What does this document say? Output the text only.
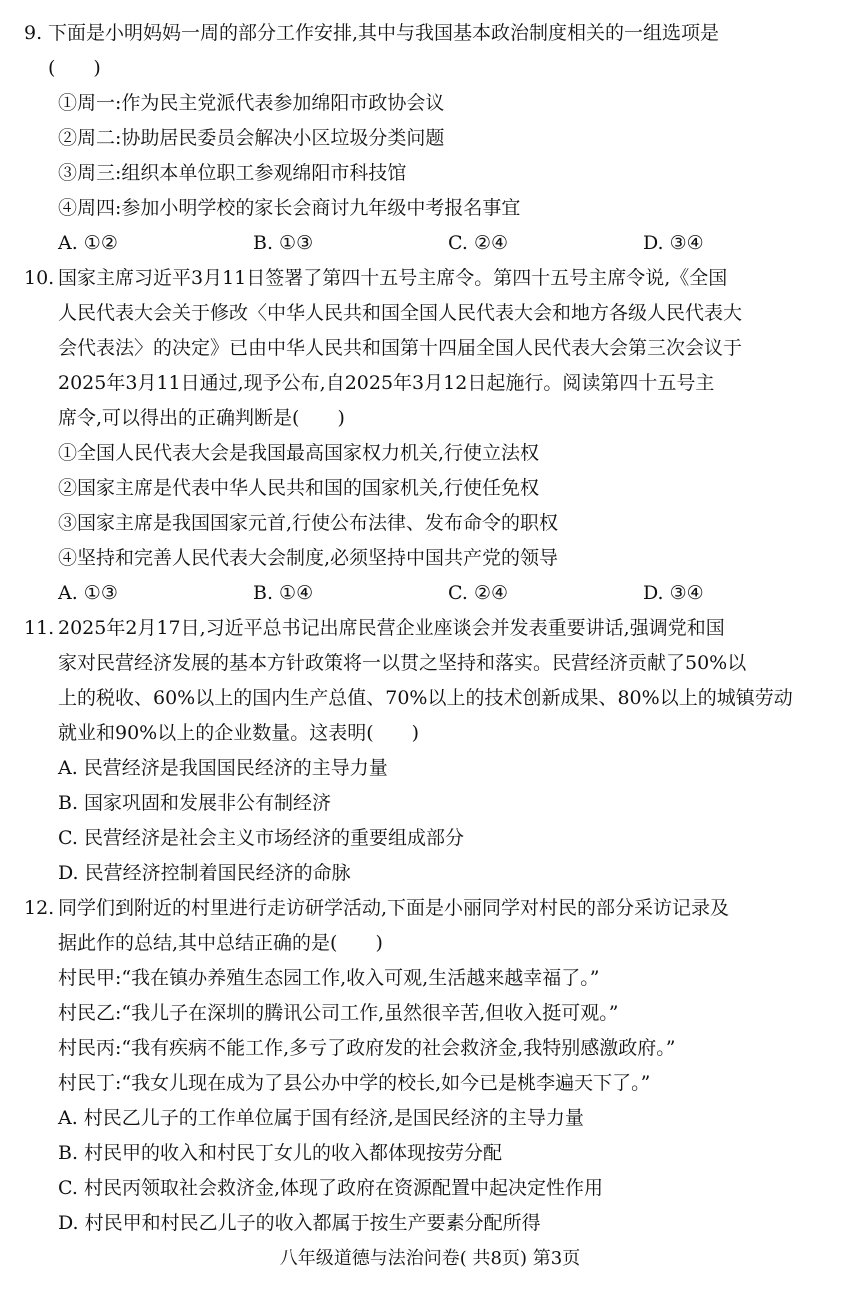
9. 下面是小明妈妈一周的部分工作安排,其中与我国基本政治制度相关的一组选项是
(　　)
①周一:作为民主党派代表参加绵阳市政协会议
②周二:协助居民委员会解决小区垃圾分类问题
③周三:组织本单位职工参观绵阳市科技馆
④周四:参加小明学校的家长会商讨九年级中考报名事宜
A. ①②	B. ①③	C. ②④	D. ③④
10. 国家主席习近平3月11日签署了第四十五号主席令。第四十五号主席令说,《全国
人民代表大会关于修改〈中华人民共和国全国人民代表大会和地方各级人民代表大
会代表法〉的决定》已由中华人民共和国第十四届全国人民代表大会第三次会议于
2025年3月11日通过,现予公布,自2025年3月12日起施行。阅读第四十五号主
席令,可以得出的正确判断是(　　)
①全国人民代表大会是我国最高国家权力机关,行使立法权
②国家主席是代表中华人民共和国的国家机关,行使任免权
③国家主席是我国国家元首,行使公布法律、发布命令的职权
④坚持和完善人民代表大会制度,必须坚持中国共产党的领导
A. ①③	B. ①④	C. ②④	D. ③④
11. 2025年2月17日,习近平总书记出席民营企业座谈会并发表重要讲话,强调党和国
家对民营经济发展的基本方针政策将一以贯之坚持和落实。民营经济贡献了50%以
上的税收、60%以上的国内生产总值、70%以上的技术创新成果、80%以上的城镇劳动
就业和90%以上的企业数量。这表明(　　)
A. 民营经济是我国国民经济的主导力量
B. 国家巩固和发展非公有制经济
C. 民营经济是社会主义市场经济的重要组成部分
D. 民营经济控制着国民经济的命脉
12. 同学们到附近的村里进行走访研学活动,下面是小丽同学对村民的部分采访记录及
据此作的总结,其中总结正确的是(　　)
村民甲:“我在镇办养殖生态园工作,收入可观,生活越来越幸福了。”
村民乙:“我儿子在深圳的腾讯公司工作,虽然很辛苦,但收入挺可观。”
村民丙:“我有疾病不能工作,多亏了政府发的社会救济金,我特别感激政府。”
村民丁:“我女儿现在成为了县公办中学的校长,如今已是桃李遍天下了。”
A. 村民乙儿子的工作单位属于国有经济,是国民经济的主导力量
B. 村民甲的收入和村民丁女儿的收入都体现按劳分配
C. 村民丙领取社会救济金,体现了政府在资源配置中起决定性作用
D. 村民甲和村民乙儿子的收入都属于按生产要素分配所得
八年级道德与法治问卷( 共8页) 第3页
